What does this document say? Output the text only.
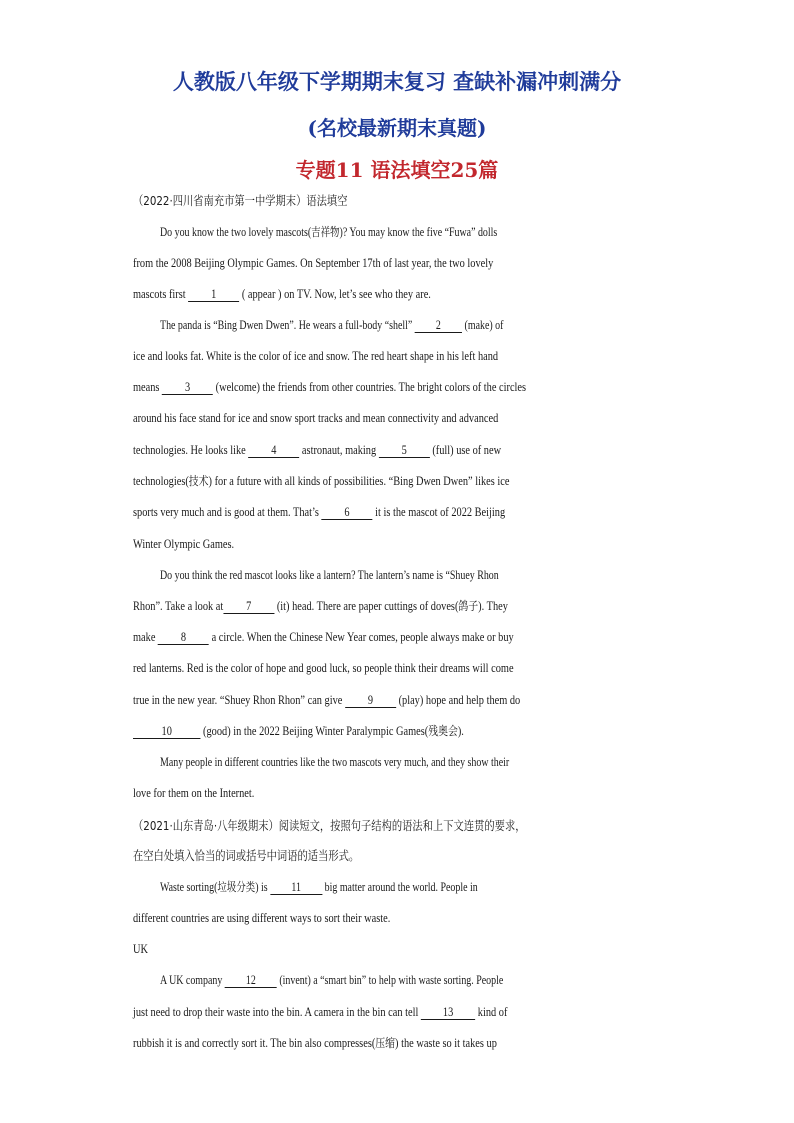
人教版八年级下学期期末复习 查缺补漏冲刺满分
(名校最新期末真题)
专题11 语法填空25篇
（2022·四川省南充市第一中学期末）语法填空
Do you know the two lovely mascots(吉祥物)? You may know the five “Fuwa” dolls
from the 2008 Beijing Olympic Games. On September 17th of last year, the two lovely
mascots first 1 ( appear ) on TV. Now, let’s see who they are.
The panda is “Bing Dwen Dwen”. He wears a full-body “shell” 2 (make) of
ice and looks fat. White is the color of ice and snow. The red heart shape in his left hand
means 3 (welcome) the friends from other countries. The bright colors of the circles
around his face stand for ice and snow sport tracks and mean connectivity and advanced
technologies. He looks like 4 astronaut, making 5 (full) use of new
technologies(技术) for a future with all kinds of possibilities. “Bing Dwen Dwen” likes ice
sports very much and is good at them. That’s 6 it is the mascot of 2022 Beijing
Winter Olympic Games.
Do you think the red mascot looks like a lantern? The lantern’s name is “Shuey Rhon
Rhon”. Take a look at 7 (it) head. There are paper cuttings of doves(鸽子). They
make 8 a circle. When the Chinese New Year comes, people always make or buy
red lanterns. Red is the color of hope and good luck, so people think their dreams will come
true in the new year. “Shuey Rhon Rhon” can give 9 (play) hope and help them do
10 (good) in the 2022 Beijing Winter Paralympic Games(残奥会).
Many people in different countries like the two mascots very much, and they show their
love for them on the Internet.
（2021·山东青岛·八年级期末）阅读短文，按照句子结构的语法和上下文连贯的要求，
在空白处填入恰当的词或括号中词语的适当形式。
Waste sorting(垃圾分类) is 11 big matter around the world. People in
different countries are using different ways to sort their waste.
UK
A UK company 12 (invent) a “smart bin” to help with waste sorting. People
just need to drop their waste into the bin. A camera in the bin can tell 13 kind of
rubbish it is and correctly sort it. The bin also compresses(压缩) the waste so it takes up
